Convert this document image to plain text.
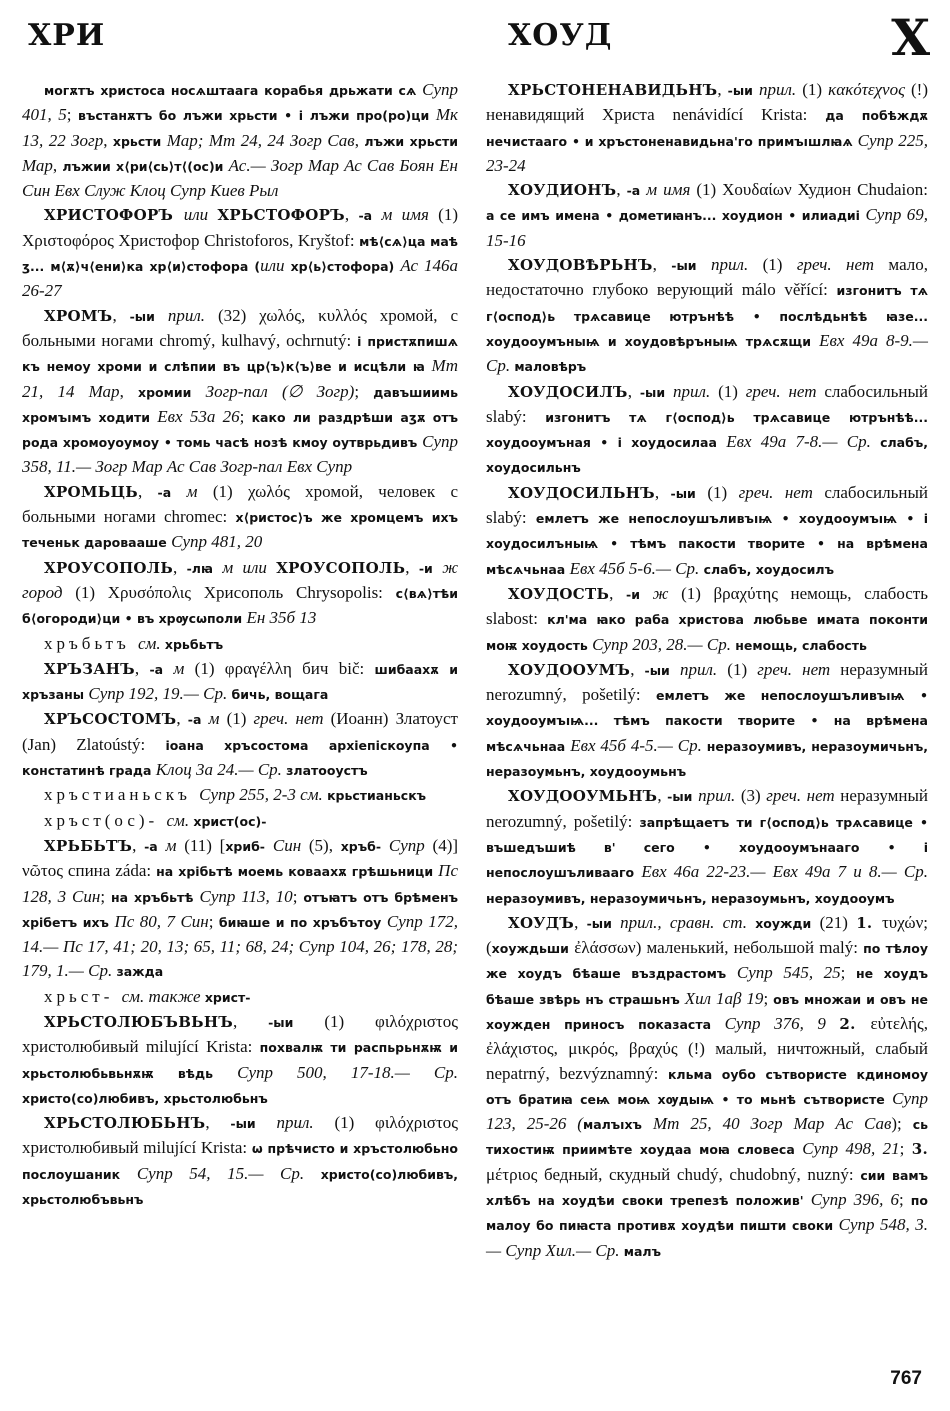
ХРИ	ХОУД	Х

могѫтъ христоса носѧштаага корабья дрьжати сѧ Супр 401, 5; въстанѫтъ бо лъжи хрьсти • і лъжи про(ро)ци Мк 13, 22 Зогр, хрьсти Мар; Мт 24, 24 Зогр Сав, лъжи хрьсти Мар, лъжии х⟨ри⟨сь⟩т⟨(ос)и Ас.— Зогр Мар Ас Сав Боян Ен Син Евх Служ Клоц Супр Киев Рыл

ХРИСТОФОРЪ или ХРЬСТОФОРЪ, -а м имя (1) Χριστοφόρος Христофор Christoforos, Kryštof: мѣ⟨сѧ⟩ца маѣ ӡ... м⟨ѫ⟩ч⟨ени⟩ка хр⟨и⟩стофора (или хр⟨ь⟩стофора) Ас 146а 26-27

ХРОМЪ, -ыи прил. (32) χωλός, κυλλός хромой, с больными ногами chromý, kulhavý, ochrnutý: і пристѫпишѧ къ немоу хроми и слѣпии въ цр⟨ъ⟩к⟨ъ⟩ве и исцѣли ꙗ Мт 21, 14 Мар, хромии Зогр-пал (∅ Зогр); давъшиимь хромъıмъ ходити Евх 53а 26; како ли раздрѣши аӡѫ отъ рода хромоуоумоу • томь часѣ нозѣ кмоу оутврьдивъ Супр 358, 11.— Зогр Мар Ас Сав Зогр-пал Евх Супр

ХРОМЬЦЬ, -а м (1) χωλός хромой, человек с больными ногами chromec: х⟨ристос⟩ъ же хромцемъ ихъ теченьк даровааше Супр 481, 20

ХРОУСОПОЛЬ, -лꙗ м или ХРОУСОПОЛЬ, -и ж город (1) Χρυσόπολις Хрисополь Chrysopolis: с⟨вѧ⟩тѣи б⟨огороди⟩ци • въ хрѹсѡполи Ен 35б 13

хръбьтъ см. хрьбьтъ

ХРЪЗАНЪ, -а м (1) φραγέλλη бич bič: шибаахѫ и хръзаны Супр 192, 19.— Ср. бичь, вощага

ХРЪСОСТОМЪ, -а м (1) греч. нет (Иоанн) Златоуст (Jan) Zlatoústý: іоана хръсостома архіепіскоупа • констатинѣ града Клоц 3а 24.— Ср. златооустъ

хръстианьскъ Супр 255, 2-3 см. крьстианьскъ

хръст(ос)- см. христ(ос)-

ХРЬБЬТЪ, -а м (11) [хриб- Син (5), хръб- Супр (4)] νῶτος спина záda: на хрібьтѣ моемь коваахѫ грѣшьници Пс 128, 3 Син; на хръбьтѣ Супр 113, 10; отъꙗтъ отъ брѣменъ хрібетъ ихъ Пс 80, 7 Син; биꙗше и по хръбътоу Супр 172, 14.— Пс 17, 41; 20, 13; 65, 11; 68, 24; Супр 104, 26; 178, 28; 179, 1.— Ср. зажда

хрьст- см. также христ-

ХРЬСТОЛЮБЪВЬНЪ, -ыи (1) φιλόχριστος христолюбивый milující Krista: похвалѭ ти распьрьнѫѭ и хрьстолюбьвьнѫѭ вѣдь Супр 500, 17-18.— Ср. христо(со)любивъ, хрьстолюбьнъ

ХРЬСТОЛЮБЬНЪ, -ыи прил. (1) φιλόχριστος христолюбивый milující Krista: ѡ прѣчисто и хръстолюбьно послоушаник Супр 54, 15.— Ср. христо(со)любивъ, хрьстолюбъвьнъ

ХРЬСТОНЕНАВИДЬНЪ, -ыи прил. (1) κακότεχνος (!) ненавидящий Христа nenávidící Krista: да побѣждѫ нечистааго • и хръстоненавидьна'го примъıшлꙗѧ Супр 225, 23-24

ХОУДИОНЪ, -а м имя (1) Χουδαίων Худион Chudaion: а се имъ имена • дометиꙗнъ... хоудион • илиадиі Супр 69, 15-16

ХОУДОВѢРЬНЪ, -ыи прил. (1) греч. нет мало, недостаточно глубоко верующий málo věřící: изгонитъ тѧ г⟨оспод⟩ь трѧсавице ютрънѣѣ • послѣдьнѣѣ ꙗзе... хоудооумъныѩ и хоудовѣръныѩ трѧсѫщи Евх 49а 8-9.— Ср. маловѣръ

ХОУДОСИЛЪ, -ыи прил. (1) греч. нет слабосильный slabý: изгонитъ тѧ г⟨оспод⟩ь трѧсавице ютрънѣѣ... хоудооумъная • і хоудосилаа Евх 49а 7-8.— Ср. слабъ, хоудосильнъ

ХОУДОСИЛЬНЪ, -ыи (1) греч. нет слабосильный slabý: емлетъ же непослоушъливъıѩ • хоудооумъıѩ • і хоудосилъныѩ • тѣмъ пакости творите • на врѣмена мѣсѧчьнаа Евх 45б 5-6.— Ср. слабъ, хоудосилъ

ХОУДОСТЬ, -и ж (1) βραχύτης немощь, слабость slabost: кл'ма ꙗко раба христова любьве имата поконти моѭ хоудость Супр 203, 28.— Ср. немощь, слабость

ХОУДООУМЪ, -ыи прил. (1) греч. нет неразумный nerozumný, pošetilý: емлетъ же непослоушъливъıѩ • хоудооумъıѩ... тѣмъ пакости творите • на врѣмена мѣсѧчьнаа Евх 45б 4-5.— Ср. неразоумивъ, неразоумичьнъ, неразоумьнъ, хоудооумьнъ

ХОУДООУМЬНЪ, -ыи прил. (3) греч. нет неразумный nerozumný, pošetilý: запрѣщаетъ ти г⟨оспод⟩ь трѧсавице • въшедъшиѣ в' сего • хоудооумънааго • і непослоушъливааго Евх 46а 22-23.— Евх 49а 7 и 8.— Ср. неразоумивъ, неразоумичьнъ, неразоумьнъ, хоудооумъ

ХОУДЪ, -ыи прил., сравн. ст. хоужди (21) 1. τυχών; (хоуждьши ἐλάσσων) маленький, небольшой malý: по тѣлоу же хоудъ бѣаше въздрастомъ Супр 545, 25; не хоудъ бѣаше звѣрь нъ страшьнъ Хил 1аβ 19; овъ множаи и овъ не хоужден приносъ показаста Супр 376, 9 2. εὐτελής, ἐλάχιστος, μικρός, βραχύς (!) малый, ничтожный, слабый nepatrný, bezvýznamný: кльма оубо сътвористе кдиномоу отъ братиꙗ сеѩ моѩ хѹдыѩ • то мьнѣ сътвористе Супр 123, 25-26 (малъıхъ Мт 25, 40 Зогр Мар Ас Сав); сь тихостиѭ приимѣте хоудаа моꙗ словеса Супр 498, 21; 3. μέτριος бедный, скудный chudý, chudobný, nuzný: сии вамъ хлѣбъ на хоудѣи своки трепезѣ положив' Супр 396, 6; по малоу бо пиꙗста противѫ хоудѣи пишти своки Супр 548, 3.— Супр Хил.— Ср. малъ

767
